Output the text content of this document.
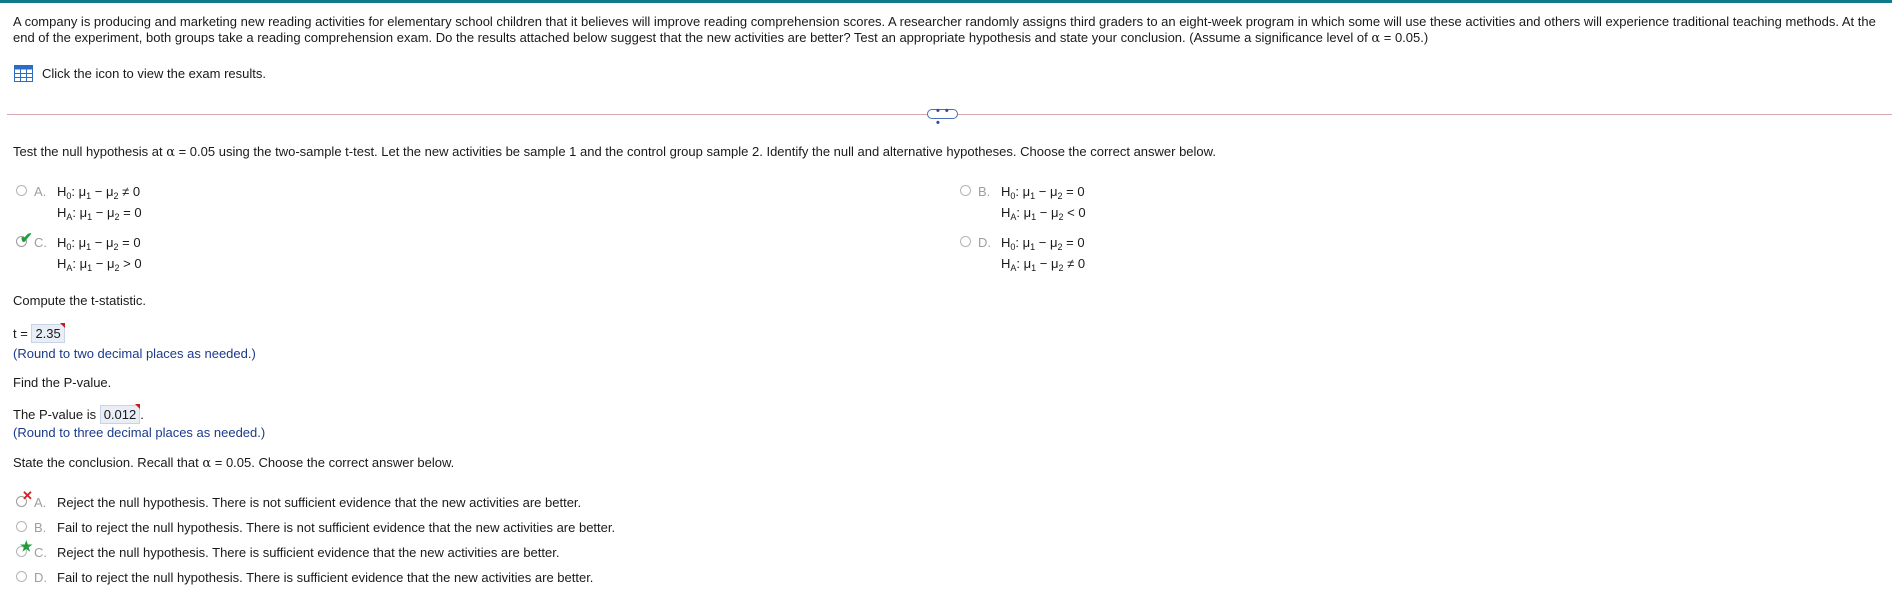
A company is producing and marketing new reading activities for elementary school children that it believes will improve reading comprehension scores. A researcher randomly assigns third graders to an eight-week program in which some will use these activities and others will experience traditional teaching methods. At the end of the experiment, both groups take a reading comprehension exam. Do the results attached below suggest that the new activities are better? Test an appropriate hypothesis and state your conclusion. (Assume a significance level of α = 0.05.)
Click the icon to view the exam results.
• • •
Test the null hypothesis at α = 0.05 using the two-sample t-test. Let the new activities be sample 1 and the control group sample 2. Identify the null and alternative hypotheses. Choose the correct answer below.
A. $H_0$: $\mu_1 - \mu_2 \ne 0$
$H_A$: $\mu_1 - \mu_2 = 0$
B. $H_0$: $\mu_1 - \mu_2 = 0$
$H_A$: $\mu_1 - \mu_2 < 0$
✔ C. $H_0$: $\mu_1 - \mu_2 = 0$
$H_A$: $\mu_1 - \mu_2 > 0$
D. $H_0$: $\mu_1 - \mu_2 = 0$
$H_A$: $\mu_1 - \mu_2 \ne 0$
Compute the t-statistic.
t = 2.35
(Round to two decimal places as needed.)
Find the P-value.
The P-value is 0.012 .
(Round to three decimal places as needed.)
State the conclusion. Recall that α = 0.05. Choose the correct answer below.
✕ A. Reject the null hypothesis. There is not sufficient evidence that the new activities are better.
B. Fail to reject the null hypothesis. There is not sufficient evidence that the new activities are better.
★ C. Reject the null hypothesis. There is sufficient evidence that the new activities are better.
D. Fail to reject the null hypothesis. There is sufficient evidence that the new activities are better.
